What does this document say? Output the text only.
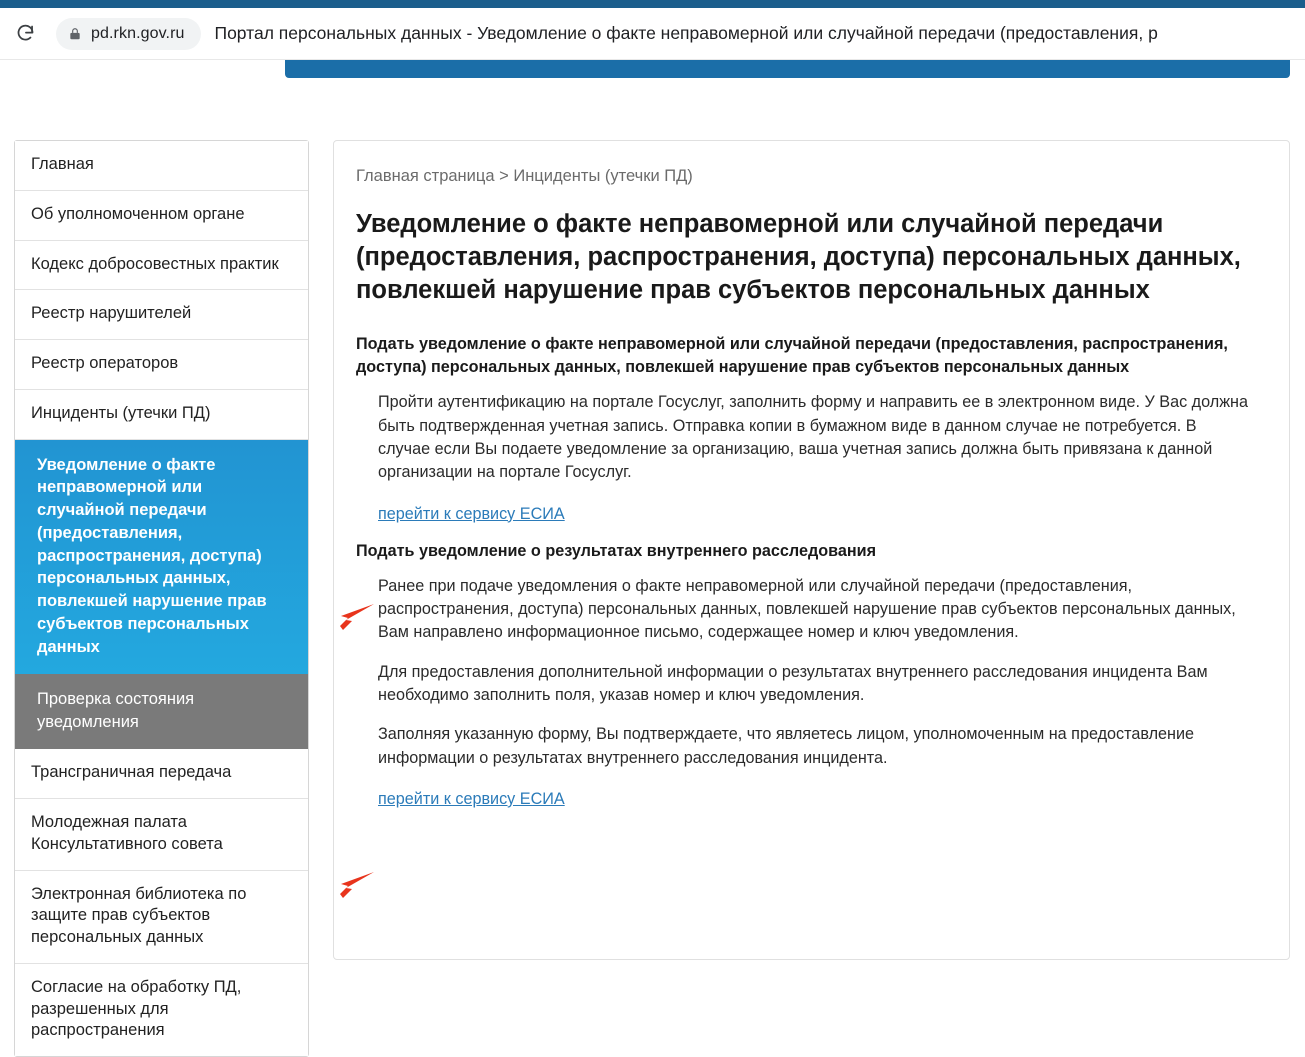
pd.rkn.gov.ru Портал персональных данных - Уведомление о факте неправомерной или случайной передачи (предоставления, р
Главная
Об уполномоченном органе
Кодекс добросовестных практик
Реестр нарушителей
Реестр операторов
Инциденты (утечки ПД)
Уведомление о факте неправомерной или случайной передачи (предоставления, распространения, доступа) персональных данных, повлекшей нарушение прав субъектов персональных данных
Проверка состояния уведомления
Трансграничная передача
Молодежная палата Консультативного совета
Электронная библиотека по защите прав субъектов персональных данных
Согласие на обработку ПД, разрешенных для распространения
Главная страница > Инциденты (утечки ПД)
Уведомление о факте неправомерной или случайной передачи (предоставления, распространения, доступа) персональных данных, повлекшей нарушение прав субъектов персональных данных
Подать уведомление о факте неправомерной или случайной передачи (предоставления, распространения, доступа) персональных данных, повлекшей нарушение прав субъектов персональных данных

Пройти аутентификацию на портале Госуслуг, заполнить форму и направить ее в электронном виде. У Вас должна быть подтвержденная учетная запись. Отправка копии в бумажном виде в данном случае не потребуется. В случае если Вы подаете уведомление за организацию, ваша учетная запись должна быть привязана к данной организации на портале Госуслуг.

перейти к сервису ЕСИА
Подать уведомление о результатах внутреннего расследования

Ранее при подаче уведомления о факте неправомерной или случайной передачи (предоставления, распространения, доступа) персональных данных, повлекшей нарушение прав субъектов персональных данных, Вам направлено информационное письмо, содержащее номер и ключ уведомления.

Для предоставления дополнительной информации о результатах внутреннего расследования инцидента Вам необходимо заполнить поля, указав номер и ключ уведомления.

Заполняя указанную форму, Вы подтверждаете, что являетесь лицом, уполномоченным на предоставление информации о результатах внутреннего расследования инцидента.

перейти к сервису ЕСИА
